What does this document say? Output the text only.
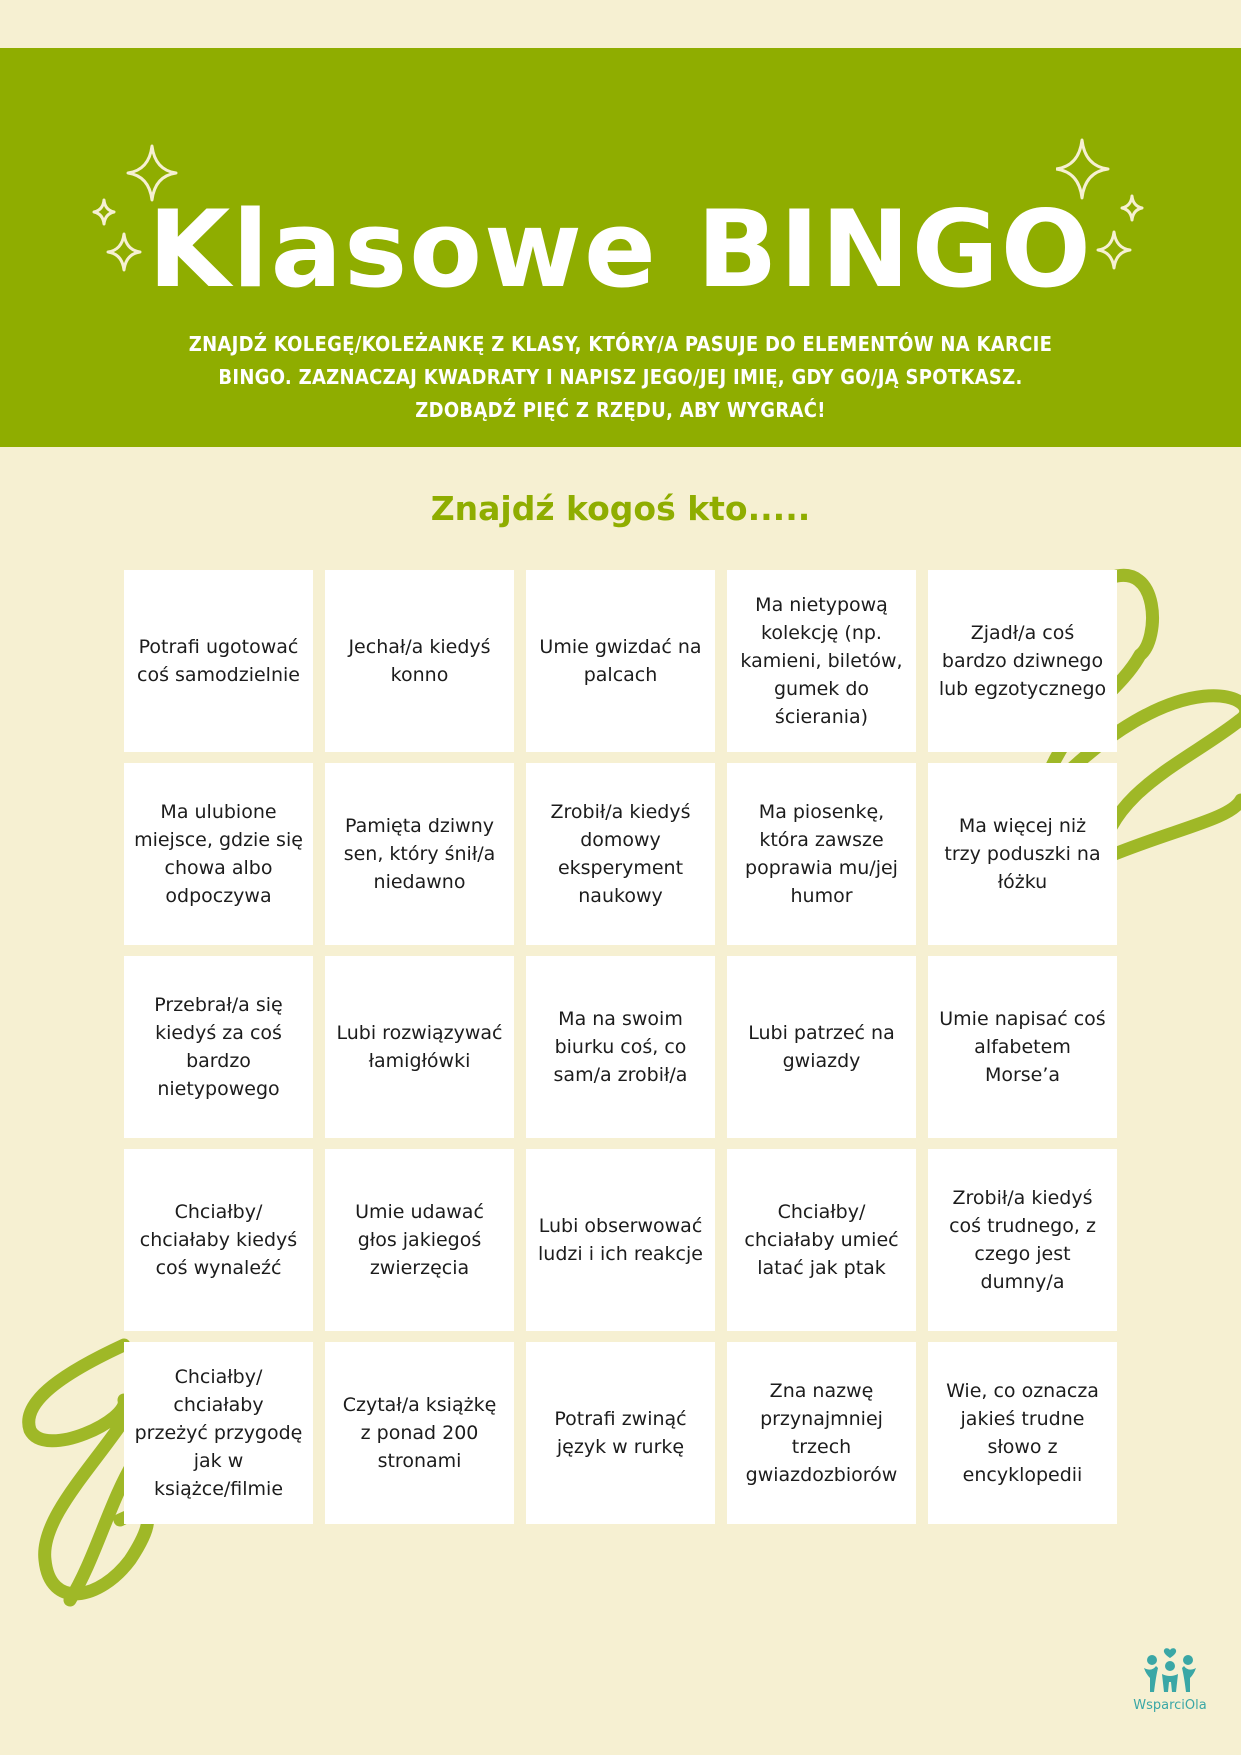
Klasowe BINGO

ZNAJDŹ KOLEGĘ/KOLEŻANKĘ Z KLASY, KTÓRY/A PASUJE DO ELEMENTÓW NA KARCIE BINGO. ZAZNACZAJ KWADRATY I NAPISZ JEGO/JEJ IMIĘ, GDY GO/JĄ SPOTKASZ. ZDOBĄDŹ PIĘĆ Z RZĘDU, ABY WYGRAĆ!

Znajdź kogoś kto.....
Potrafi ugotować coś samodzielnie
Jechał/a kiedyś konno
Umie gwizdać na palcach
Ma nietypową kolekcję (np. kamieni, biletów, gumek do ścierania)
Zjadł/a coś bardzo dziwnego lub egzotycznego
Ma ulubione miejsce, gdzie się chowa albo odpoczywa
Pamięta dziwny sen, który śnił/a niedawno
Zrobił/a kiedyś domowy eksperyment naukowy
Ma piosenkę, która zawsze poprawia mu/jej humor
Ma więcej niż trzy poduszki na łóżku
Przebrał/a się kiedyś za coś bardzo nietypowego
Lubi rozwiązywać łamigłówki
Ma na swoim biurku coś, co sam/a zrobił/a
Lubi patrzeć na gwiazdy
Umie napisać coś alfabetem Morse’a
Chciałby/ chciałaby kiedyś coś wynaleźć
Umie udawać głos jakiegoś zwierzęcia
Lubi obserwować ludzi i ich reakcje
Chciałby/ chciałaby umieć latać jak ptak
Zrobił/a kiedyś coś trudnego, z czego jest dumny/a
Chciałby/ chciałaby przeżyć przygodę jak w książce/filmie
Czytał/a książkę z ponad 200 stronami
Potrafi zwinąć język w rurkę
Zna nazwę przynajmniej trzech gwiazdozbiorów
Wie, co oznacza jakieś trudne słowo z encyklopedii
WsparciOla
